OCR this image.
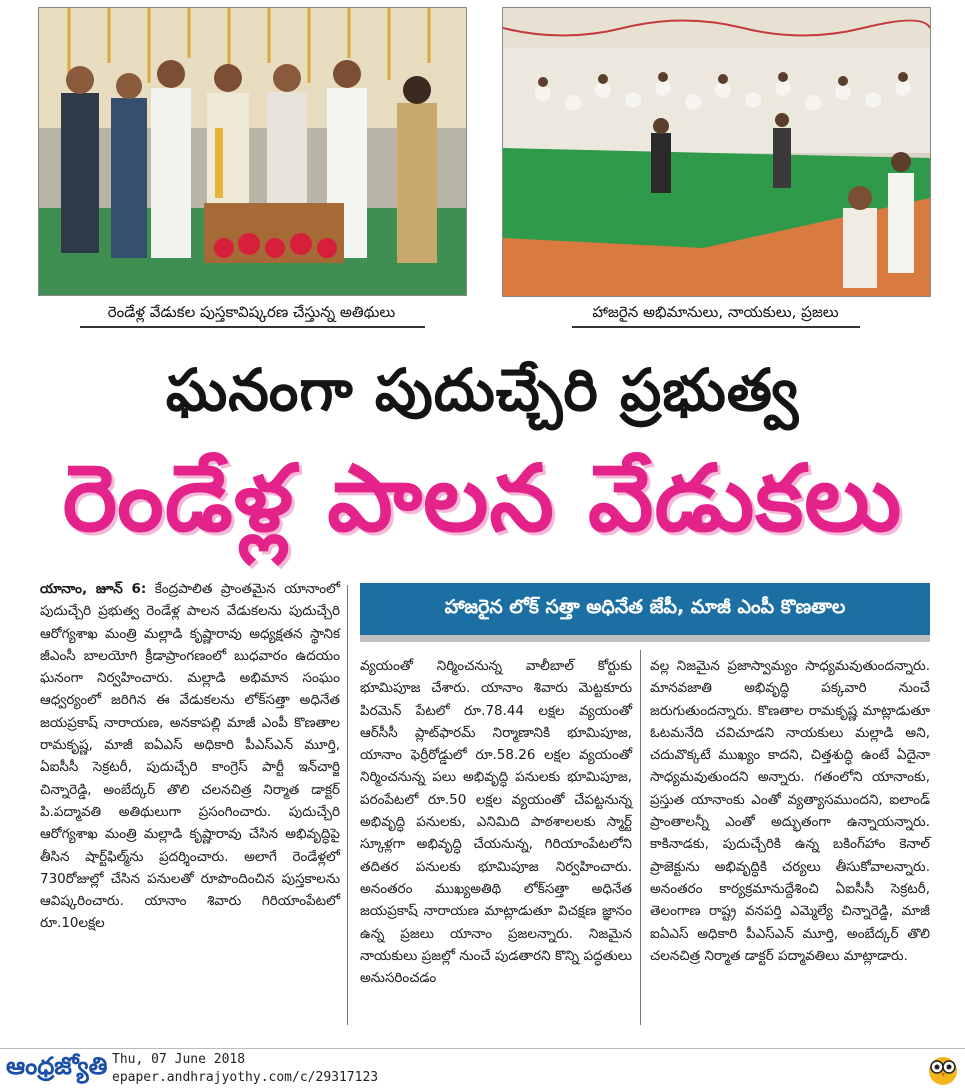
రెండేళ్ల వేడుకల పుస్తకావిష్కరణ చేస్తున్న అతిథులు	హాజరైన అభిమానులు, నాయకులు, ప్రజలు
ఘనంగా పుదుచ్చేరి ప్రభుత్వ
రెండేళ్ల పాలన వేడుకలు

యానాం, జూన్ 6: కేంద్రపాలిత ప్రాంతమైన యానాంలో పుదుచ్చేరి ప్రభుత్వ రెండేళ్ల పాలన వేడుకలను పుదుచ్చేరి ఆరోగ్యశాఖ మంత్రి మల్లాడి కృష్ణారావు అధ్యక్షతన స్థానిక జీఎంసీ బాలయోగి క్రీడాప్రాంగణంలో బుధవారం ఉదయం ఘనంగా నిర్వహించారు. మల్లాడి అభిమాన సంఘం ఆధ్వర్యంలో జరిగిన ఈ వేడుకలను లోక్‌సత్తా అధినేత జయప్రకాష్ నారాయణ, అనకాపల్లి మాజీ ఎంపీ కొణతాల రామకృష్ణ, మాజీ ఐఏఎస్ అధికారి పీఎస్ఎన్ మూర్తి, ఏఐసీసీ సెక్రటరీ, పుదుచ్చేరి కాంగ్రెస్ పార్టీ ఇన్‌చార్జి చిన్నారెడ్డి, అంబేద్కర్ తొలి చలనచిత్ర నిర్మాత డాక్టర్ పి.పద్మావతి అతిథులుగా ప్రసంగించారు. పుదుచ్చేరి ఆరోగ్యశాఖ మంత్రి మల్లాడి కృష్ణారావు చేసిన అభివృద్ధిపై తీసిన షార్ట్‌ఫిల్మ్‌ను ప్రదర్శించారు. అలాగే రెండేళ్లలో 730రోజుల్లో చేసిన పనులతో రూపొందించిన పుస్తకాలను ఆవిష్కరించారు. యానాం శివారు గిరియాంపేటలో రూ.10లక్షల

హాజరైన లోక్ సత్తా అధినేత జేపీ, మాజీ ఎంపీ కొణతాల

వ్యయంతో నిర్మించనున్న వాలీబాల్ కోర్టుకు భూమిపూజ చేశారు. యానాం శివారు మెట్టకూరు పిరమెన్ పేటలో రూ.78.44 లక్షల వ్యయంతో ఆర్‌సీసీ ప్లాట్‌ఫారమ్ నిర్మాణానికి భూమిపూజ, యానాం ఫెర్రీరోడ్డులో రూ.58.26 లక్షల వ్యయంతో నిర్మించనున్న పలు అభివృద్ధి పనులకు భూమిపూజ, పరంపేటలో రూ.50 లక్షల వ్యయంతో చేపట్టనున్న అభివృద్ధి పనులకు, ఎనిమిది పాఠశాలలకు స్మార్ట్ స్కూళ్లగా అభివృద్ధి చేయనున్న, గిరియాంపేటలోని తదితర పనులకు భూమిపూజ నిర్వహించారు. అనంతరం ముఖ్యఅతిథి లోక్‌సత్తా అధినేత జయప్రకాష్ నారాయణ మాట్లాడుతూ విచక్షణ జ్ఞానం ఉన్న ప్రజలు యానాం ప్రజలన్నారు. నిజమైన నాయకులు ప్రజల్లో నుంచే పుడతారని కొన్ని పద్ధతులు అనుసరించడం

వల్ల నిజమైన ప్రజాస్వామ్యం సాధ్యమవుతుందన్నారు. మానవజాతి అభివృద్ధి పక్కవారి నుంచే జరుగుతుందన్నారు. కొణతాల రామకృష్ణ మాట్లాడుతూ ఓటమనేది చవిచూడని నాయకులు మల్లాడి అని, చదువొక్కటే ముఖ్యం కాదని, చిత్తశుద్ధి ఉంటే ఏదైనా సాధ్యమవుతుందని అన్నారు. గతంలోని యానాంకు, ప్రస్తుత యానాంకు ఎంతో వ్యత్యాసముందని, ఐలాండ్ ప్రాంతాలన్నీ ఎంతో అద్భుతంగా ఉన్నాయన్నారు. కాకినాడకు, పుదుచ్చేరికి ఉన్న బకింగ్‌హాం కెనాల్ ప్రాజెక్టును అభివృద్ధికి చర్యలు తీసుకోవాలన్నారు. అనంతరం కార్యక్రమానుద్దేశించి ఏఐసీసీ సెక్రటరీ, తెలంగాణ రాష్ట్ర వనపర్తి ఎమ్మెల్యే చిన్నారెడ్డి, మాజీ ఐఏఎస్ అధికారి పీఎస్ఎన్ మూర్తి, అంబేద్కర్ తొలి చలనచిత్ర నిర్మాత డాక్టర్ పద్మావతిలు మాట్లాడారు.

ఆంధ్రజ్యోతి Thu, 07 June 2018
epaper.andhrajyothy.com/c/29317123
